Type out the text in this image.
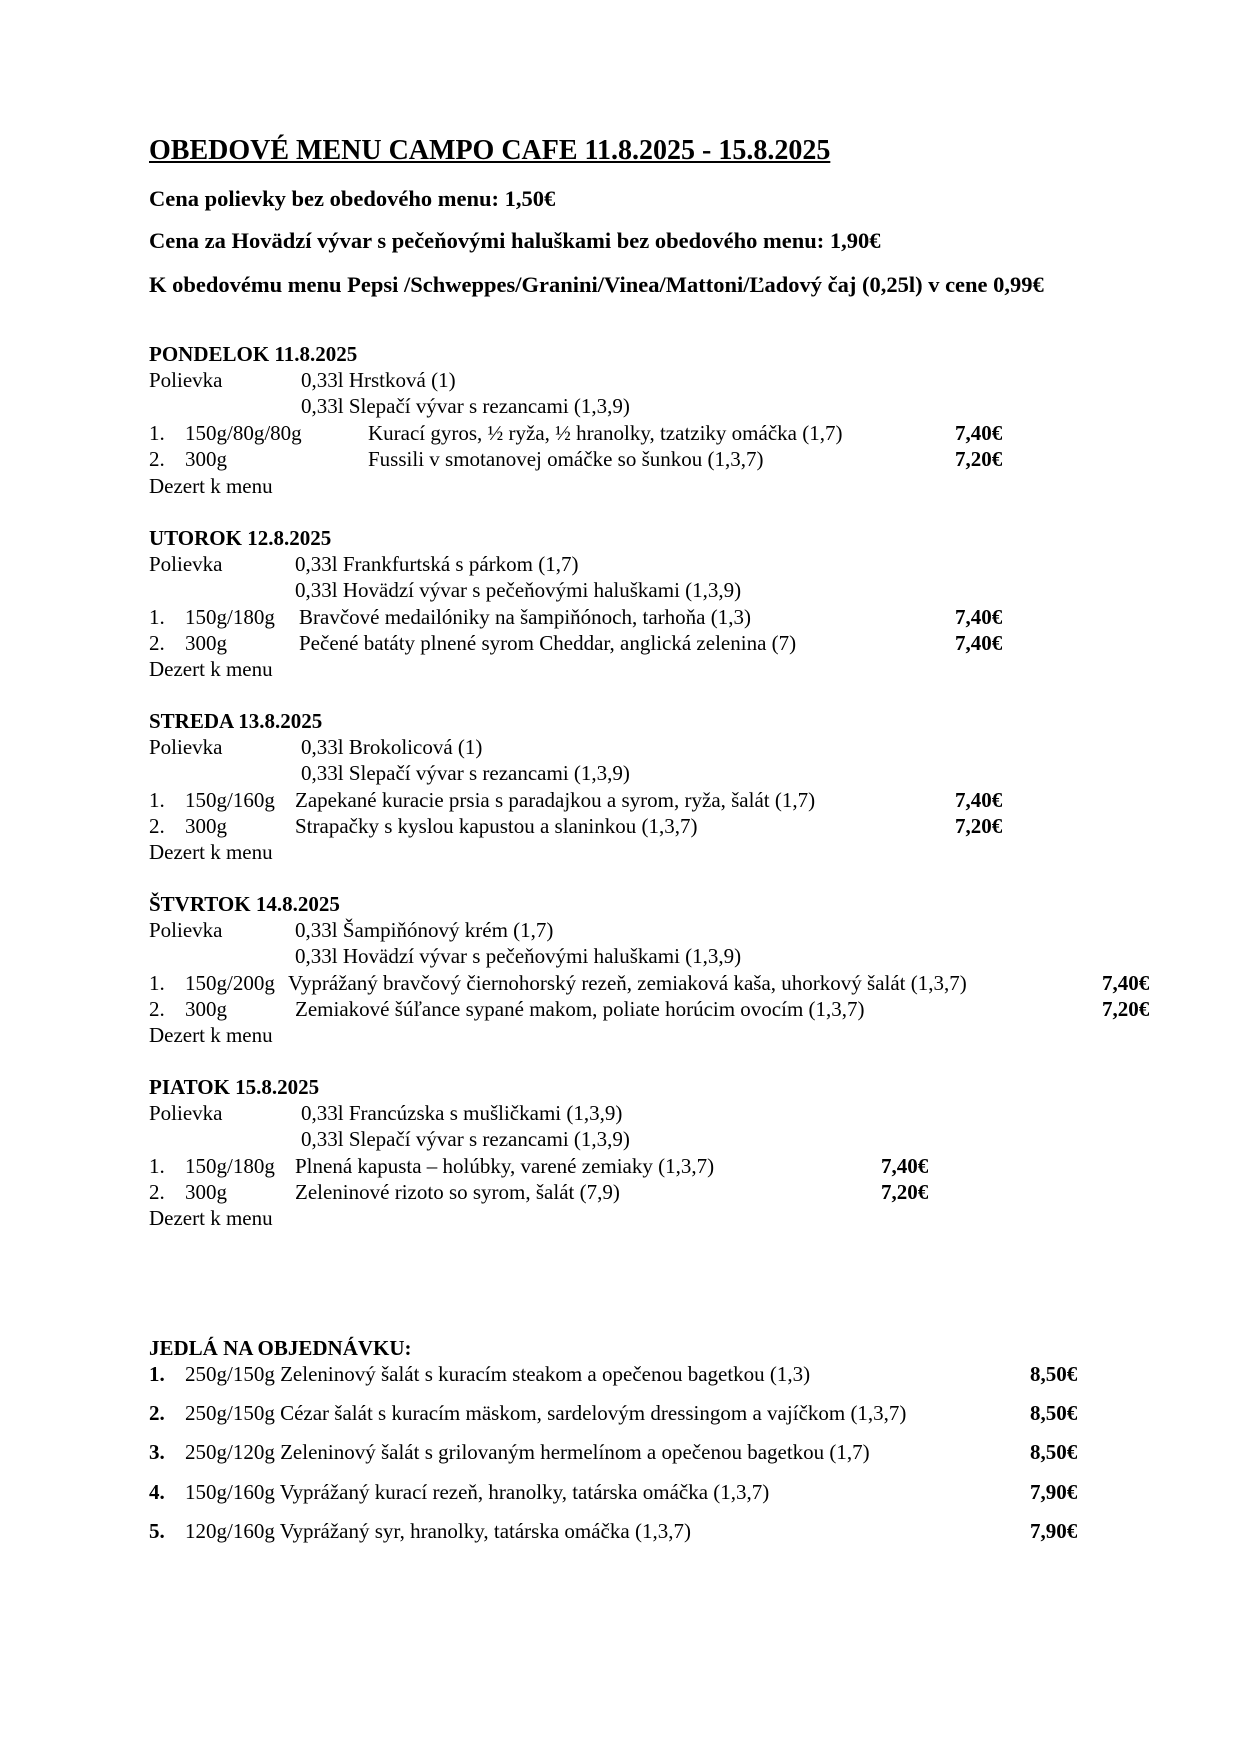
OBEDOVÉ MENU CAMPO CAFE 11.8.2025 - 15.8.2025
Cena polievky bez obedového menu: 1,50€
Cena za Hovädzí vývar s pečeňovými haluškami bez obedového menu: 1,90€
K obedovému menu Pepsi /Schweppes/Granini/Vinea/Mattoni/Ľadový čaj (0,25l) v cene 0,99€
PONDELOK 11.8.2025
Polievka	0,33l Hrstková (1)
0,33l Slepačí vývar s rezancami (1,3,9)
1. 150g/80g/80g	Kurací gyros, ½ ryža, ½ hranolky, tzatziky omáčka (1,7)	7,40€
2. 300g	Fussili v smotanovej omáčke so šunkou (1,3,7)	7,20€
Dezert k menu
UTOROK 12.8.2025
Polievka	0,33l Frankfurtská s párkom (1,7)
0,33l Hovädzí vývar s pečeňovými haluškami (1,3,9)
1. 150g/180g Bravčové medailóniky na šampiňónoch, tarhoňa (1,3)	7,40€
2. 300g	Pečené batáty plnené syrom Cheddar, anglická zelenina (7)	7,40€
Dezert k menu
STREDA 13.8.2025
Polievka	0,33l Brokolicová (1)
0,33l Slepačí vývar s rezancami (1,3,9)
1. 150g/160g Zapekané kuracie prsia s paradajkou a syrom, ryža, šalát (1,7)	7,40€
2. 300g	Strapačky s kyslou kapustou a slaninkou (1,3,7)	7,20€
Dezert k menu
ŠTVRTOK 14.8.2025
Polievka	0,33l Šampiňónový krém (1,7)
0,33l Hovädzí vývar s pečeňovými haluškami (1,3,9)
1. 150g/200g Vyprážaný bravčový čiernohorský rezeň, zemiaková kaša, uhorkový šalát (1,3,7)	7,40€
2. 300g	Zemiakové šúľance sypané makom, poliate horúcim ovocím (1,3,7)	7,20€
Dezert k menu
PIATOK 15.8.2025
Polievka	0,33l Francúzska s mušličkami (1,3,9)
0,33l Slepačí vývar s rezancami (1,3,9)
1. 150g/180g Plnená kapusta – holúbky, varené zemiaky (1,3,7)	7,40€
2. 300g	Zeleninové rizoto so syrom, šalát (7,9)	7,20€
Dezert k menu
JEDLÁ NA OBJEDNÁVKU:
1. 250g/150g Zeleninový šalát s kuracím steakom a opečenou bagetkou (1,3)	8,50€
2. 250g/150g Cézar šalát s kuracím mäskom, sardelovým dressingom a vajíčkom (1,3,7)	8,50€
3. 250g/120g Zeleninový šalát s grilovaným hermelínom a opečenou bagetkou (1,7)	8,50€
4. 150g/160g Vyprážaný kurací rezeň, hranolky, tatárska omáčka (1,3,7)	7,90€
5. 120g/160g Vyprážaný syr, hranolky, tatárska omáčka (1,3,7)	7,90€
